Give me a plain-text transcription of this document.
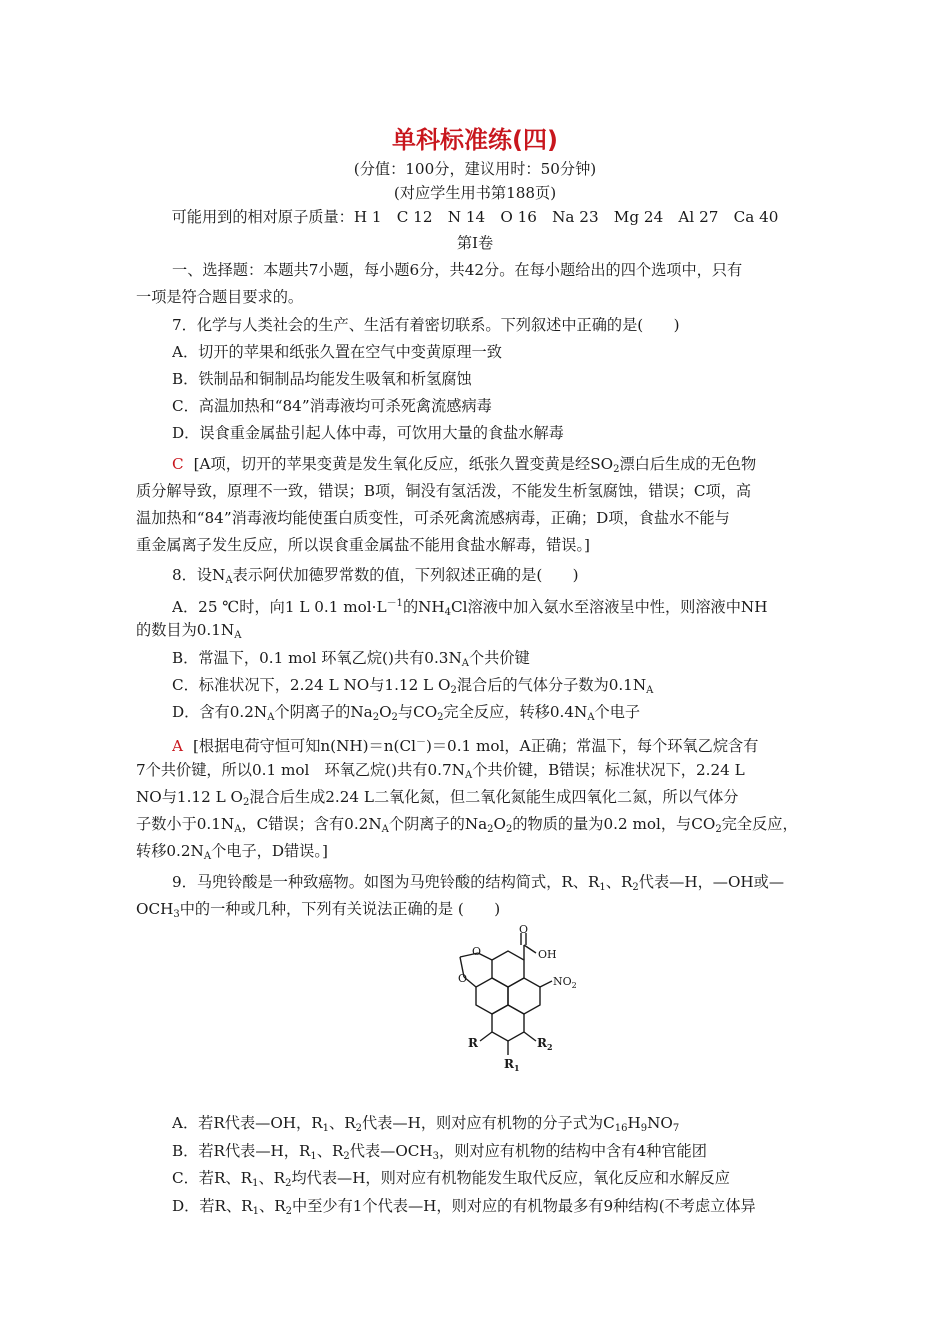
单科标准练(四)
(分值：100分，建议用时：50分钟)
(对应学生用书第188页)
可能用到的相对原子质量：H 1　C 12　N 14　O 16　Na 23　Mg 24　Al 27　Ca 40
第Ⅰ卷
一、选择题：本题共7小题，每小题6分，共42分。在每小题给出的四个选项中，只有
一项是符合题目要求的。
7．化学与人类社会的生产、生活有着密切联系。下列叙述中正确的是(　　)
A．切开的苹果和纸张久置在空气中变黄原理一致
B．铁制品和铜制品均能发生吸氧和析氢腐蚀
C．高温加热和“84”消毒液均可杀死禽流感病毒
D．误食重金属盐引起人体中毒，可饮用大量的食盐水解毒
C [A项，切开的苹果变黄是发生氧化反应，纸张久置变黄是经$SO_2$漂白后生成的无色物
质分解导致，原理不一致，错误；B项，铜没有氢活泼，不能发生析氢腐蚀，错误；C项，高
温加热和“84”消毒液均能使蛋白质变性，可杀死禽流感病毒，正确；D项，食盐水不能与
重金属离子发生反应，所以误食重金属盐不能用食盐水解毒，错误。]
8．设$N_A$表示阿伏加德罗常数的值，下列叙述正确的是(　　)
A．25 ℃时，向1 L 0.1 $mol\cdot L^{-1}$的$NH_4Cl$溶液中加入氨水至溶液呈中性，则溶液中NH
的数目为$0.1N_A$
B．常温下，0.1 mol 环氧乙烷()共有$0.3N_A$个共价键
C．标准状况下，2.24 L NO与1.12 L $O_2$混合后的气体分子数为$0.1N_A$
D．含有$0.2N_A$个阴离子的$Na_2O_2$与$CO_2$完全反应，转移$0.4N_A$个电子
A [根据电荷守恒可知n(NH)＝n(Cl－)＝0.1 mol，A正确；常温下，每个环氧乙烷含有
7个共价键，所以0.1 mol　环氧乙烷()共有$0.7N_A$个共价键，B错误；标准状况下，2.24 L
NO与1.12 L $O_2$混合后生成2.24 L二氧化氮，但二氧化氮能生成四氧化二氮，所以气体分
子数小于$0.1N_A$，C错误；含有$0.2N_A$个阴离子的$Na_2O_2$的物质的量为0.2 mol，与$CO_2$完全反应，
转移$0.2N_A$个电子，D错误。]
9．马兜铃酸是一种致癌物。如图为马兜铃酸的结构简式，R、$R_1$、$R_2$代表—H，—OH或—
$OCH_3$中的一种或几种，下列有关说法正确的是 (　　)
O
OH
O
O	$NO_2$
R
$R_1$
$R_2$
A．若R代表—OH，$R_1$、$R_2$代表—H，则对应有机物的分子式为$C_{16}H_9NO_7$
B．若R代表—H，$R_1$、$R_2$代表$—OCH_3$，则对应有机物的结构中含有4种官能团
C．若R、$R_1$、$R_2$均代表—H，则对应有机物能发生取代反应，氧化反应和水解反应
D．若R、$R_1$、$R_2$中至少有1个代表—H，则对应的有机物最多有9种结构(不考虑立体异
